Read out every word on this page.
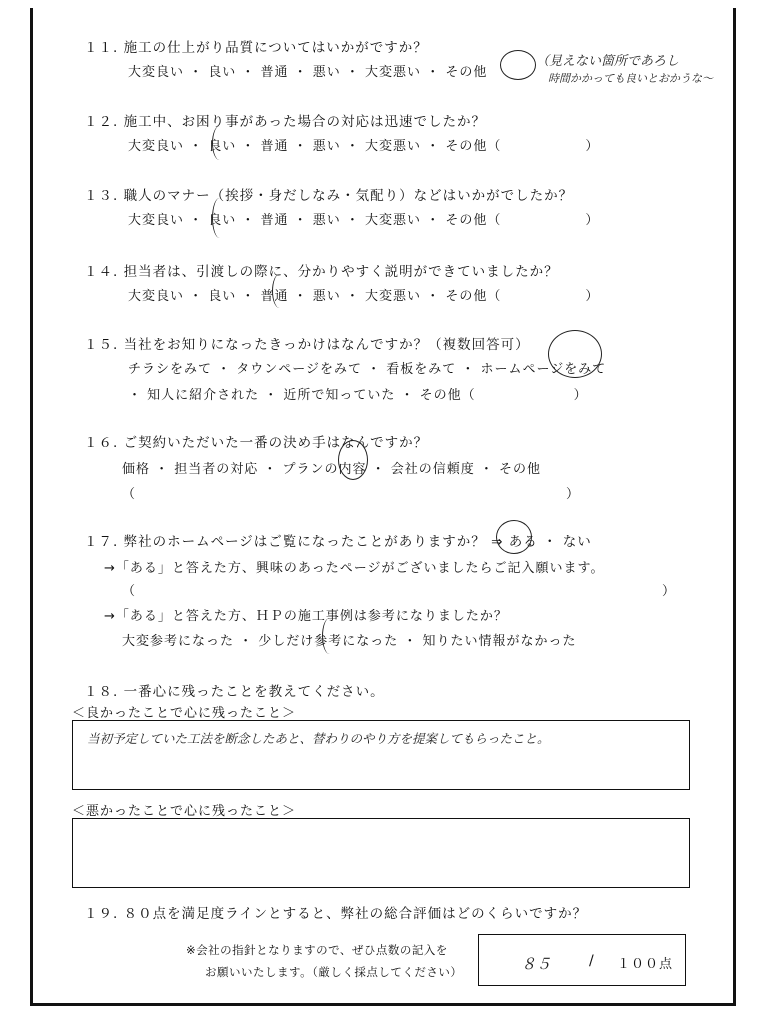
１１. 施工の仕上がり品質についてはいかがですか？
大変良い ・ 良い ・ 普通 ・ 悪い ・ 大変悪い ・ その他
（見えない箇所であろし
時間かかっても良いとおかうな～
１２. 施工中、お困り事があった場合の対応は迅速でしたか？
大変良い ・ 良い ・ 普通 ・ 悪い ・ 大変悪い ・ その他（　　　　　　）
１３. 職人のマナー（挨拶・身だしなみ・気配り）などはいかがでしたか？
大変良い ・ 良い ・ 普通 ・ 悪い ・ 大変悪い ・ その他（　　　　　　）
１４. 担当者は、引渡しの際に、分かりやすく説明ができていましたか？
大変良い ・ 良い ・ 普通 ・ 悪い ・ 大変悪い ・ その他（　　　　　　）
１５. 当社をお知りになったきっかけはなんですか？（複数回答可）
チラシをみて ・ タウンページをみて ・ 看板をみて ・ ホームページをみて
・ 知人に紹介された ・ 近所で知っていた ・ その他（　　　　　　　）
１６. ご契約いただいた一番の決め手はなんですか？
価格 ・ 担当者の対応 ・ プランの内容 ・ 会社の信頼度 ・ その他
（	）
１７. 弊社のホームページはご覧になったことがありますか？ ⇒ ある ・ ない
→「ある」と答えた方、興味のあったページがございましたらご記入願います。
（	）
→「ある」と答えた方、ＨＰの施工事例は参考になりましたか？
大変参考になった ・ 少しだけ参考になった ・ 知りたい情報がなかった
１８. 一番心に残ったことを教えてください。
＜良かったことで心に残ったこと＞
当初予定していた工法を断念したあと、替わりのやり方を提案してもらったこと。
＜悪かったことで心に残ったこと＞
１９. ８０点を満足度ラインとすると、弊社の総合評価はどのくらいですか？
※会社の指針となりますので、ぜひ点数の記入を
お願いいたします。（厳しく採点してください）	８５	/ １００点
